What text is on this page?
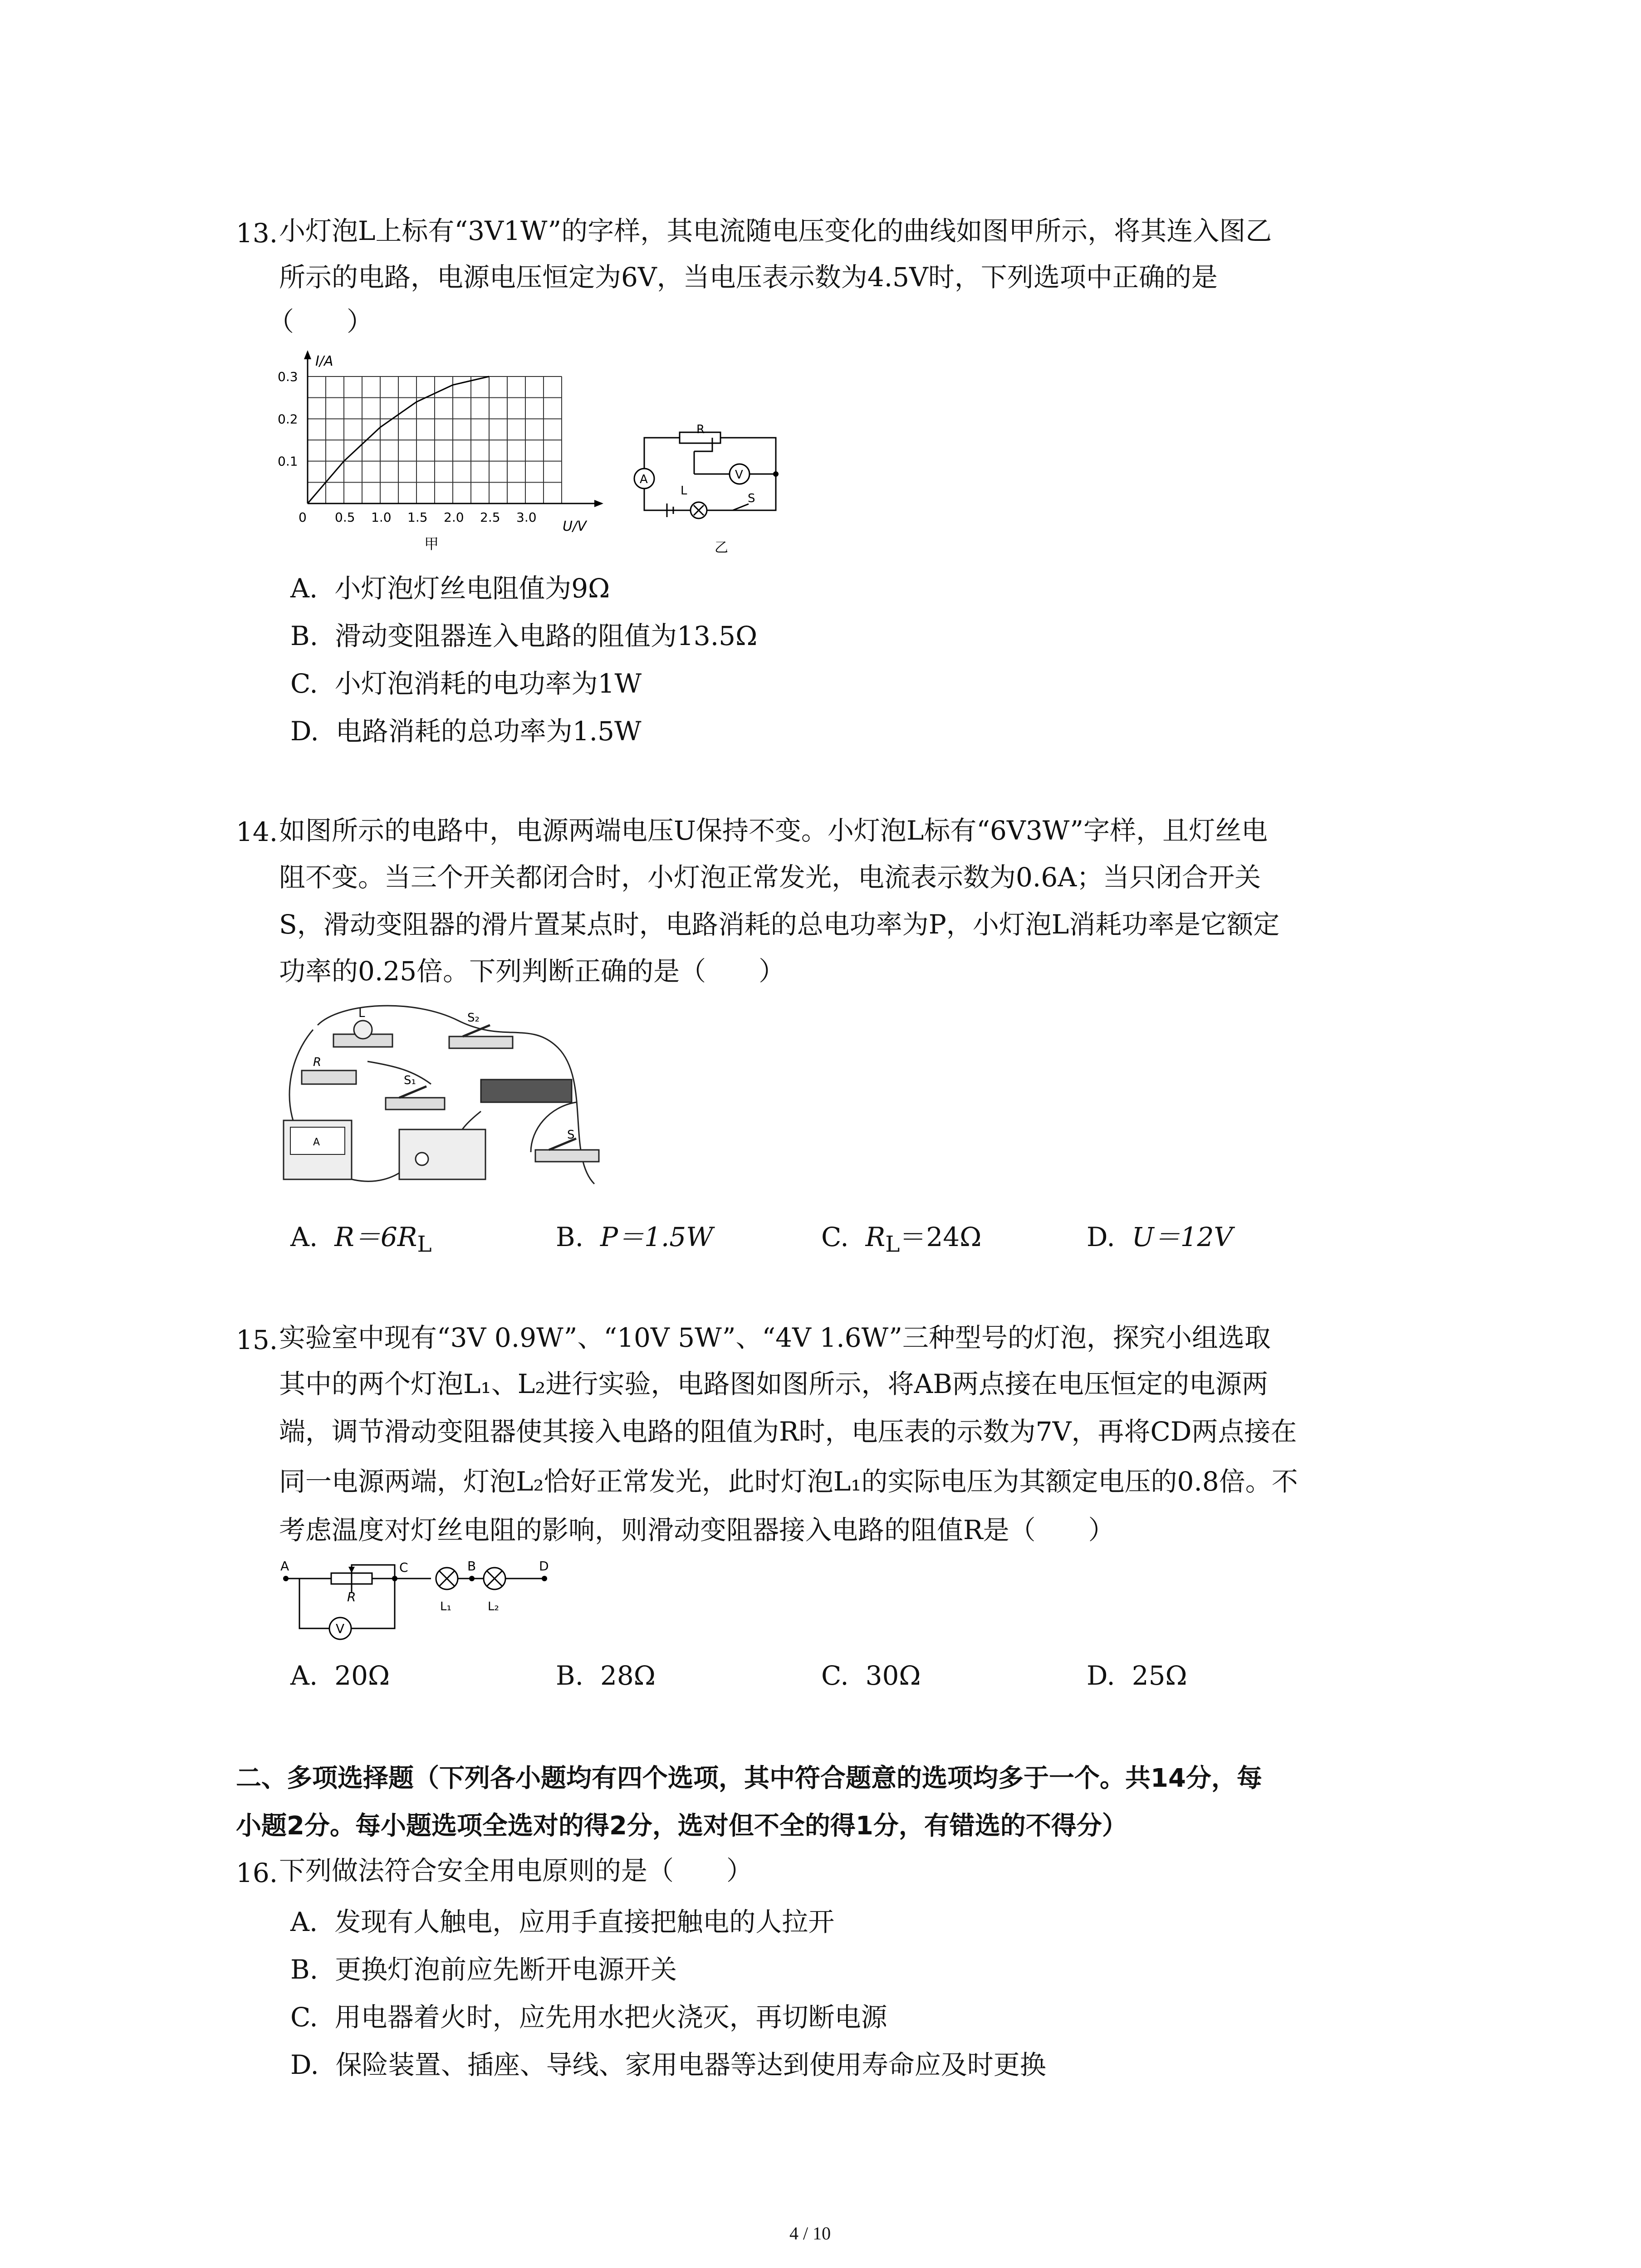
13. 小灯泡L上标有“3V1W”的字样，其电流随电压变化的曲线如图甲所示，将其连入图乙
所示的电路，电源电压恒定为6V，当电压表示数为4.5V时，下列选项中正确的是
（　　）
I/A
U/V
0.3
0.2
0.1
0 0.5 1.0 1.5 2.0 2.5 3.0
甲
R
A	V
L
S
乙
A. 小灯泡灯丝电阻值为9Ω
B. 滑动变阻器连入电路的阻值为13.5Ω
C. 小灯泡消耗的电功率为1W
D. 电路消耗的总功率为1.5W
14. 如图所示的电路中，电源两端电压U保持不变。小灯泡L标有“6V3W”字样，且灯丝电
阻不变。当三个开关都闭合时，小灯泡正常发光，电流表示数为0.6A；当只闭合开关
S，滑动变阻器的滑片置某点时，电路消耗的总电功率为P，小灯泡L消耗功率是它额定
功率的0.25倍。下列判断正确的是（　　）
L	S₂
R
S₁
S
A
A. $R=6R_L$	B. P＝1.5W	C. $R_L=24\Omega$	D. U＝12V
15. 实验室中现有“3V 0.9W”、“10V 5W”、“4V 1.6W”三种型号的灯泡，探究小组选取
其中的两个灯泡L₁、L₂进行实验，电路图如图所示，将AB两点接在电压恒定的电源两
端，调节滑动变阻器使其接入电路的阻值为R时，电压表的示数为7V，再将CD两点接在
同一电源两端，灯泡L₂恰好正常发光，此时灯泡L₁的实际电压为其额定电压的0.8倍。不
考虑温度对灯丝电阻的影响，则滑动变阻器接入电路的阻值R是（　　）
A
R
C	B	D
V
L₁	L₂
A. 20Ω	B. 28Ω	C. 30Ω	D. 25Ω
二、多项选择题（下列各小题均有四个选项，其中符合题意的选项均多于一个。共14分，每
小题2分。每小题选项全选对的得2分，选对但不全的得1分，有错选的不得分）
16. 下列做法符合安全用电原则的是（　　）
A. 发现有人触电，应用手直接把触电的人拉开
B. 更换灯泡前应先断开电源开关
C. 用电器着火时，应先用水把火浇灭，再切断电源
D. 保险装置、插座、导线、家用电器等达到使用寿命应及时更换
4 / 10
